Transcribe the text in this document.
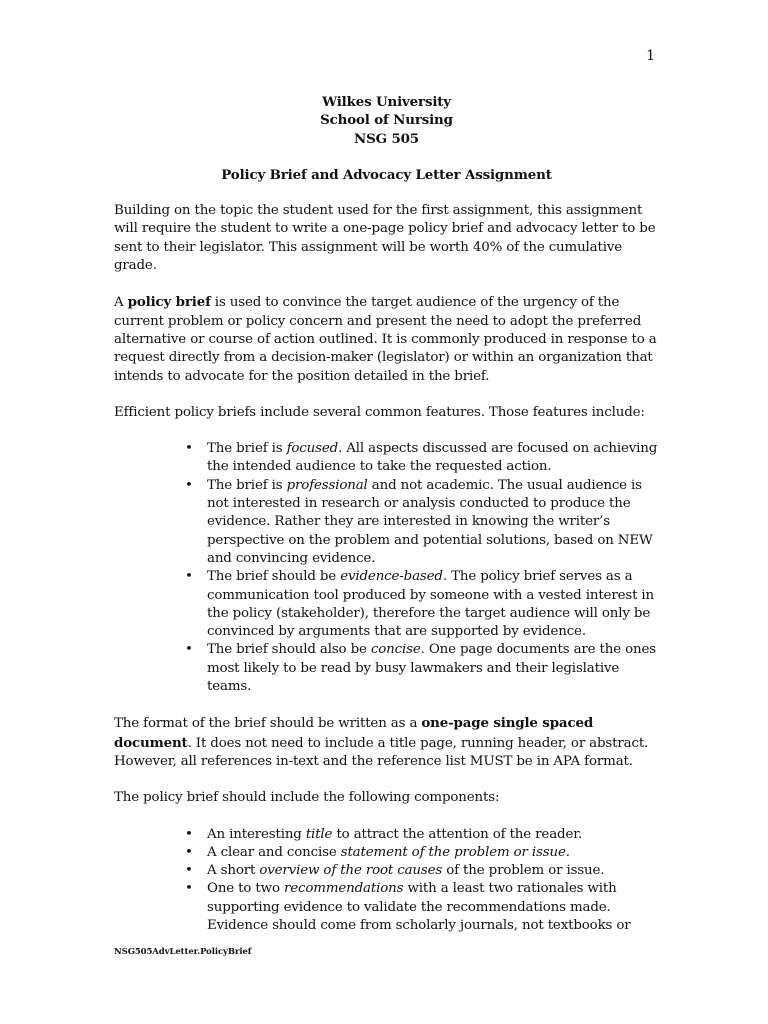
1
Wilkes University
School of Nursing
NSG 505
Policy Brief and Advocacy Letter Assignment

Building on the topic the student used for the first assignment, this assignment will require the student to write a one-page policy brief and advocacy letter to be sent to their legislator. This assignment will be worth 40% of the cumulative grade.

A policy brief is used to convince the target audience of the urgency of the current problem or policy concern and present the need to adopt the preferred alternative or course of action outlined. It is commonly produced in response to a request directly from a decision-maker (legislator) or within an organization that intends to advocate for the position detailed in the brief.

Efficient policy briefs include several common features. Those features include:

• The brief is focused. All aspects discussed are focused on achieving the intended audience to take the requested action.
• The brief is professional and not academic. The usual audience is not interested in research or analysis conducted to produce the evidence. Rather they are interested in knowing the writer’s perspective on the problem and potential solutions, based on NEW and convincing evidence.
• The brief should be evidence-based. The policy brief serves as a communication tool produced by someone with a vested interest in the policy (stakeholder), therefore the target audience will only be convinced by arguments that are supported by evidence.
• The brief should also be concise. One page documents are the ones most likely to be read by busy lawmakers and their legislative teams.

The format of the brief should be written as a one-page single spaced document. It does not need to include a title page, running header, or abstract. However, all references in-text and the reference list MUST be in APA format.

The policy brief should include the following components:

• An interesting title to attract the attention of the reader.
• A clear and concise statement of the problem or issue.
• A short overview of the root causes of the problem or issue.
• One to two recommendations with a least two rationales with supporting evidence to validate the recommendations made. Evidence should come from scholarly journals, not textbooks or
NSG505AdvLetter.PolicyBrief
